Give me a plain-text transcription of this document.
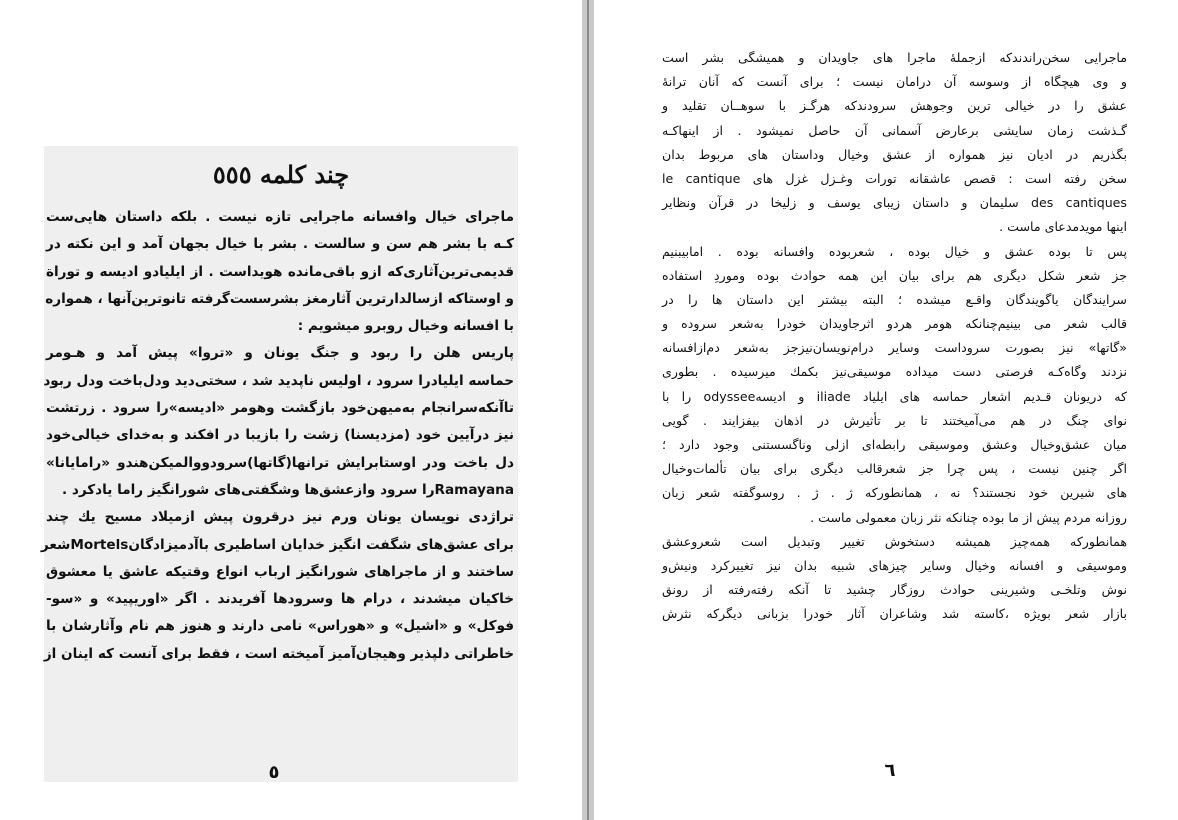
چند کلمه ٥٥٥
ماجرای خیال وافسانه ماجرایی تازه نیست . بلکه داستان هایی‌ست
کـه با بشر هم سن و سالست . بشر با خیال بجهان آمد و این نکته در
قدیمی‌ترین‌آثاری‌که ازو باقی‌مانده هویداست . از ایلیادو ادیسه و توراة
و اوستاکه ازسالدارترین آثارمغز بشرسست‌گرفته تانوترین‌آنها ، همواره
با افسانه وخیال روبرو میشویم :
پاریس هلن را ربود و جنگ یونان و «تروا» پیش آمد و هـومر
حماسه ایلیادرا سرود ، اولیس ناپدید شد ، سختی‌دید ودل‌باخت ودل ربود
تاآنکه‌سرانجام به‌میهن‌خود بازگشت وهومر «ادیسه»را سرود . زرتشت
نیز درآیین خود (مزدیسنا) زشت را بازیبا در افکند و به‌خدای خیالی‌خود
دل باخت ودر اوستابرایش ترانها(گاتها)سرودووالمیکن‌هندو «رامایانا»
Ramayanaرا سرود وازعشق‌ها وشگفتی‌های شورانگیز راما یادکرد .
تراژدی نویسان یونان ورم نیز درقرون پیش ازمیلاد مسیح یك چند
برای عشق‌های شگفت انگیز خدایان اساطیری باآدمیزادگانMortelsشعر
ساختند و از ماجراهای شورانگیز ارباب انواع وقتیکه عاشق یا معشوق
خاکیان میشدند ، درام ها وسرودها آفریدند . اگر «اوریپید» و «سو-
فوکل» و «اشیل» و «هوراس» نامی دارند و هنوز هم نام وآثارشان با
خاطراتی دلپذیر وهیجان‌آمیز آمیخته است ، فقط برای آنست که اینان از
٥
ماجرایی سخن‌راندندکه ازجملهٔ ماجرا های جاویدان و همیشگی بشر است
و وی هیچگاه از وسوسه آن درامان نیست ؛ برای آنست که آنان ترانهٔ
عشق را در خیالی ترین وجوهش سرودندکه هرگـز با سوهــان تقلید و
گـذشت زمان سایشی برعارض آسمانی آن حاصل نمیشود . از اینهاکـه
بگذریم در ادیان نیز همواره از عشق وخیال وداستان های مربوط بدان
سخن رفته است : قصص عاشقانه تورات وغـزل غزل های le cantique
des cantiques سلیمان و داستان زیبای یوسف و زلیخا در قرآن ونظایر
اینها مویدمدعای ماست .
پس تا بوده عشق و خیال بوده ، شعربوده وافسانه بوده . امابیبنیم
جز شعر شکل دیگری هم برای بیان این همه حوادث بوده وموردِ استفاده
سرایندگان یاگویندگان واقـع میشده ؛ البته بیشتر این داستان ها را در
قالب شعر می بینیم‌چنانکه هومر هردو اثرجاویدان خودرا به‌شعر سروده و
«گاتها» نیز بصورت سروداست وسایر درام‌نویسان‌نیزجز به‌شعر دم‌ازافسانه
نزدند وگاه‌کـه فرصتی دست میداده موسیقی‌نیز بکمك میرسیده . بطوری
که دریونان قـدیم اشعار حماسه های ایلیاد iliade و ادیسهodyssee را با
نوای چنگ در هم می‌آمیختند تا بر تأثیرش در اذهان بیفزایند . گویی
میان عشق‌وخیال وعشق وموسیقی رابطه‌ای ازلی وناگسستنی وجود دارد ؛
اگر چنین نیست ، پس چرا جز شعرقالب دیگری برای بیان تألمات‌وخیال
های شیرین خود نجستند؟ نه ، هما‌نطورکه ژ . ژ . روسوگفته شعر زبان
روزانه مردم پیش از ما بوده چنانکه نثر زبان معمولی ماست .
هما‌نطورکه همه‌چیز همیشه دستخوش تغییر وتبدیل است شعروعشق
وموسیقی و افسانه وخیال وسایر چیزهای شبیه بدان نیز تغییرکرد ونیش‌و
نوش وتلخـی وشیرینی حوادث روزگار چشید تا آنکه رفته‌رفته از رونق
بازار شعر بویژه ،کاسته شد وشاعران آثار خودرا بزبانی دیگرکه نثرش
٦
